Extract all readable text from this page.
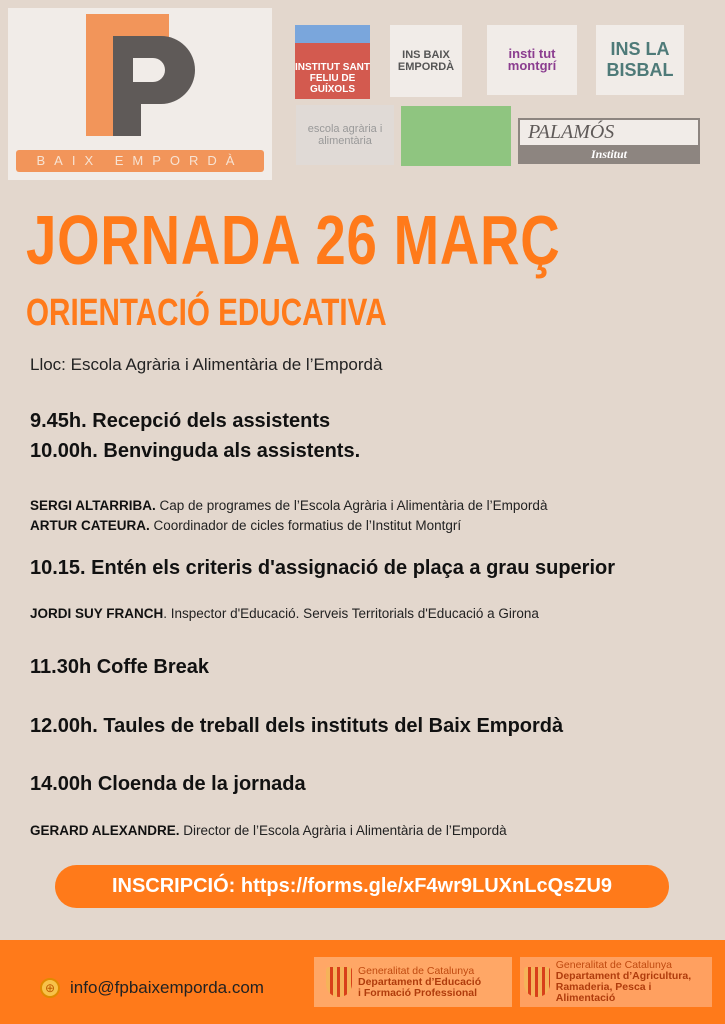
BAIX EMPORDÀ
INSTITUT SANT FELIU DE GUÍXOLS
INS BAIX EMPORDÀ
insti tut montgrí
INS LA BISBAL
escola agrària i alimentària	PALAMÓS
Institut
JORNADA 26 MARÇ
ORIENTACIÓ EDUCATIVA
Lloc: Escola Agrària i Alimentària de l’Empordà
9.45h. Recepció dels assistents
10.00h. Benvinguda als assistents.
SERGI ALTARRIBA. Cap de programes de l’Escola Agrària i Alimentària de l’Empordà
ARTUR CATEURA. Coordinador de cicles formatius de l’Institut Montgrí
10.15. Entén els criteris d'assignació de plaça a grau superior
JORDI SUY FRANCH. Inspector d'Educació. Serveis Territorials d'Educació a Girona
11.30h Coffe Break
12.00h. Taules de treball dels instituts del Baix Empordà
14.00h Cloenda de la jornada
GERARD ALEXANDRE. Director de l’Escola Agrària i Alimentària de l’Empordà
INSCRIPCIÓ: https://forms.gle/xF4wr9LUXnLcQsZU9
⊕ info@fpbaixemporda.com
Generalitat de Catalunya
Departament d’Educació
i Formació Professional
Generalitat de Catalunya
Departament d’Agricultura,
Ramaderia, Pesca i Alimentació
